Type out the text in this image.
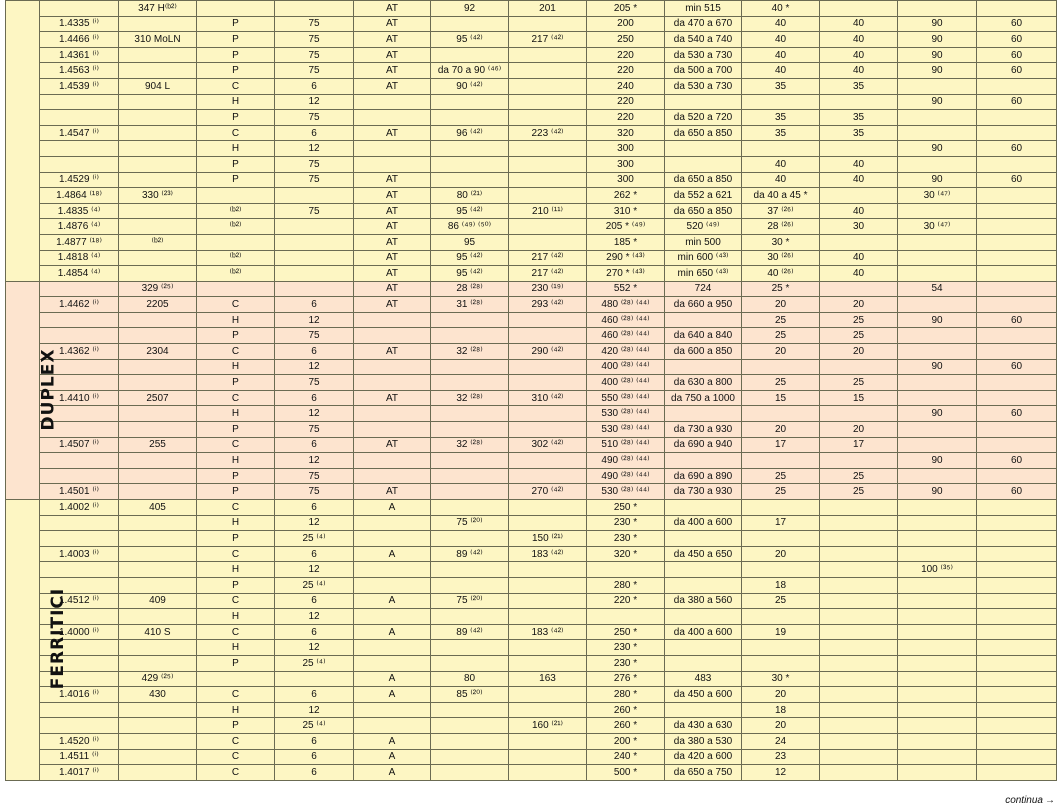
		347 H⁽ᵇ²⁾			AT	92	201	205 *	min 515	40 *			
	1.4335 ⁽ⁱ⁾		P	75	AT			200	da 470 a 670	40	40	90	60
	1.4466 ⁽ⁱ⁾	310 MoLN	P	75	AT	95 ⁽⁴²⁾	217 ⁽⁴²⁾	250	da 540 a 740	40	40	90	60
	1.4361 ⁽ⁱ⁾		P	75	AT			220	da 530 a 730	40	40	90	60
	1.4563 ⁽ⁱ⁾		P	75	AT	da 70 a 90 ⁽⁴⁶⁾		220	da 500 a 700	40	40	90	60
	1.4539 ⁽ⁱ⁾	904 L	C	6	AT	90 ⁽⁴²⁾		240	da 530 a 730	35	35		
			H	12				220				90	60
			P	75				220	da 520 a 720	35	35		
	1.4547 ⁽ⁱ⁾		C	6	AT	96 ⁽⁴²⁾	223 ⁽⁴²⁾	320	da 650 a 850	35	35		
			H	12				300				90	60
			P	75				300		40	40		
	1.4529 ⁽ⁱ⁾		P	75	AT			300	da 650 a 850	40	40	90	60
	1.4864 ⁽¹⁸⁾	330 ⁽²³⁾			AT	80 ⁽²¹⁾		262 *	da 552 a 621	da 40 a 45 *		30 ⁽⁴⁷⁾	
	1.4835 ⁽⁴⁾		⁽ᵇ²⁾	75	AT	95 ⁽⁴²⁾	210 ⁽¹¹⁾	310 *	da 650 a 850	37 ⁽²⁶⁾	40		
	1.4876 ⁽⁴⁾		⁽ᵇ²⁾		AT	86 ⁽⁴⁹⁾ ⁽⁵⁰⁾		205 * ⁽⁴⁹⁾	520 ⁽⁴⁹⁾	28 ⁽²⁶⁾	30	30 ⁽⁴⁷⁾	
	1.4877 ⁽¹⁸⁾	⁽ᵇ²⁾			AT	95		185 *	min 500	30 *			
	1.4818 ⁽⁴⁾		⁽ᵇ²⁾		AT	95 ⁽⁴²⁾	217 ⁽⁴²⁾	290 * ⁽⁴³⁾	min 600 ⁽⁴³⁾	30 ⁽²⁶⁾	40		
	1.4854 ⁽⁴⁾		⁽ᵇ²⁾		AT	95 ⁽⁴²⁾	217 ⁽⁴²⁾	270 * ⁽⁴³⁾	min 650 ⁽⁴³⁾	40 ⁽²⁶⁾	40		
DUPLEX		329 ⁽²⁵⁾			AT	28 ⁽²⁸⁾	230 ⁽¹⁹⁾	552 *	724	25 *		54	
	1.4462 ⁽ⁱ⁾	2205	C	6	AT	31 ⁽²⁸⁾	293 ⁽⁴²⁾	480 ⁽²⁸⁾ ⁽⁴⁴⁾	da 660 a 950	20	20		
			H	12				460 ⁽²⁸⁾ ⁽⁴⁴⁾		25	25	90	60
			P	75				460 ⁽²⁸⁾ ⁽⁴⁴⁾	da 640 a 840	25	25		
	1.4362 ⁽ⁱ⁾	2304	C	6	AT	32 ⁽²⁸⁾	290 ⁽⁴²⁾	420 ⁽²⁸⁾ ⁽⁴⁴⁾	da 600 a 850	20	20		
			H	12				400 ⁽²⁸⁾ ⁽⁴⁴⁾				90	60
			P	75				400 ⁽²⁸⁾ ⁽⁴⁴⁾	da 630 a 800	25	25		
	1.4410 ⁽ⁱ⁾	2507	C	6	AT	32 ⁽²⁸⁾	310 ⁽⁴²⁾	550 ⁽²⁸⁾ ⁽⁴⁴⁾	da 750 a 1000	15	15		
			H	12				530 ⁽²⁸⁾ ⁽⁴⁴⁾				90	60
			P	75				530 ⁽²⁸⁾ ⁽⁴⁴⁾	da 730 a 930	20	20		
	1.4507 ⁽ⁱ⁾	255	C	6	AT	32 ⁽²⁸⁾	302 ⁽⁴²⁾	510 ⁽²⁸⁾ ⁽⁴⁴⁾	da 690 a 940	17	17		
			H	12				490 ⁽²⁸⁾ ⁽⁴⁴⁾				90	60
			P	75				490 ⁽²⁸⁾ ⁽⁴⁴⁾	da 690 a 890	25	25		
	1.4501 ⁽ⁱ⁾		P	75	AT		270 ⁽⁴²⁾	530 ⁽²⁸⁾ ⁽⁴⁴⁾	da 730 a 930	25	25	90	60
FERRITICI	1.4002 ⁽ⁱ⁾	405	C	6	A			250 *					
			H	12		75 ⁽²⁰⁾		230 *	da 400 a 600	17			
			P	25 ⁽⁴⁾			150 ⁽²¹⁾	230 *					
	1.4003 ⁽ⁱ⁾		C	6	A	89 ⁽⁴²⁾	183 ⁽⁴²⁾	320 *	da 450 a 650	20			
			H	12								100 ⁽³⁵⁾	
			P	25 ⁽⁴⁾				280 *		18			
	1.4512 ⁽ⁱ⁾	409	C	6	A	75 ⁽²⁰⁾		220 *	da 380 a 560	25			
			H	12									
	1.4000 ⁽ⁱ⁾	410 S	C	6	A	89 ⁽⁴²⁾	183 ⁽⁴²⁾	250 *	da 400 a 600	19			
			H	12				230 *					
			P	25 ⁽⁴⁾				230 *					
		429 ⁽²⁵⁾			A	80	163	276 *	483	30 *			
	1.4016 ⁽ⁱ⁾	430	C	6	A	85 ⁽²⁰⁾		280 *	da 450 a 600	20			
			H	12				260 *		18			
			P	25 ⁽⁴⁾			160 ⁽²¹⁾	260 *	da 430 a 630	20			
	1.4520 ⁽ⁱ⁾		C	6	A			200 *	da 380 a 530	24			
	1.4511 ⁽ⁱ⁾		C	6	A			240 *	da 420 a 600	23			
	1.4017 ⁽ⁱ⁾		C	6	A			500 *	da 650 a 750	12			
continua →
